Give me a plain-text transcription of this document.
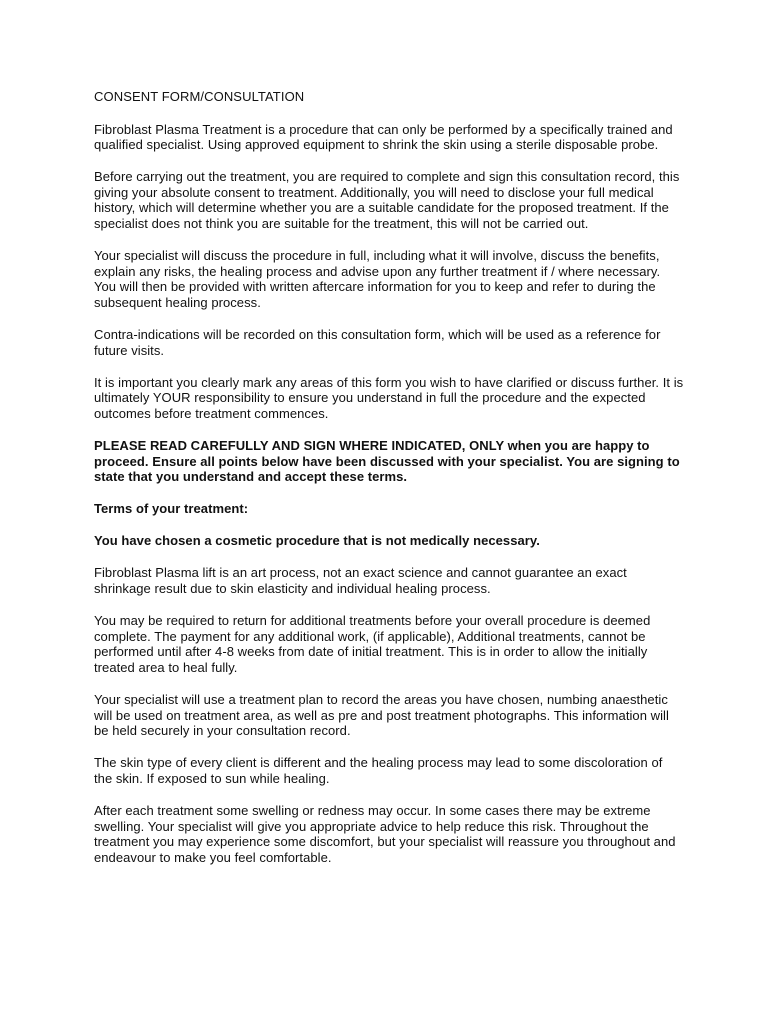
CONSENT FORM/CONSULTATION

Fibroblast Plasma Treatment is a procedure that can only be performed by a specifically trained and qualified specialist. Using approved equipment to shrink the skin using a sterile disposable probe.

Before carrying out the treatment, you are required to complete and sign this consultation record, this giving your absolute consent to treatment. Additionally, you will need to disclose your full medical history, which will determine whether you are a suitable candidate for the proposed treatment. If the specialist does not think you are suitable for the treatment, this will not be carried out.

Your specialist will discuss the procedure in full, including what it will involve, discuss the benefits, explain any risks, the healing process and advise upon any further treatment if / where necessary. You will then be provided with written aftercare information for you to keep and refer to during the subsequent healing process.

Contra-indications will be recorded on this consultation form, which will be used as a reference for future visits.

It is important you clearly mark any areas of this form you wish to have clarified or discuss further. It is ultimately YOUR responsibility to ensure you understand in full the procedure and the expected outcomes before treatment commences.

PLEASE READ CAREFULLY AND SIGN WHERE INDICATED, ONLY when you are happy to proceed. Ensure all points below have been discussed with your specialist. You are signing to state that you understand and accept these terms.

Terms of your treatment:

You have chosen a cosmetic procedure that is not medically necessary.

Fibroblast Plasma lift is an art process, not an exact science and cannot guarantee an exact shrinkage result due to skin elasticity and individual healing process.

You may be required to return for additional treatments before your overall procedure is deemed complete. The payment for any additional work, (if applicable), Additional treatments, cannot be performed until after 4-8 weeks from date of initial treatment. This is in order to allow the initially treated area to heal fully.

Your specialist will use a treatment plan to record the areas you have chosen, numbing anaesthetic will be used on treatment area, as well as pre and post treatment photographs. This information will be held securely in your consultation record.

The skin type of every client is different and the healing process may lead to some discoloration of the skin. If exposed to sun while healing.

After each treatment some swelling or redness may occur. In some cases there may be extreme swelling. Your specialist will give you appropriate advice to help reduce this risk. Throughout the treatment you may experience some discomfort, but your specialist will reassure you throughout and endeavour to make you feel comfortable.
